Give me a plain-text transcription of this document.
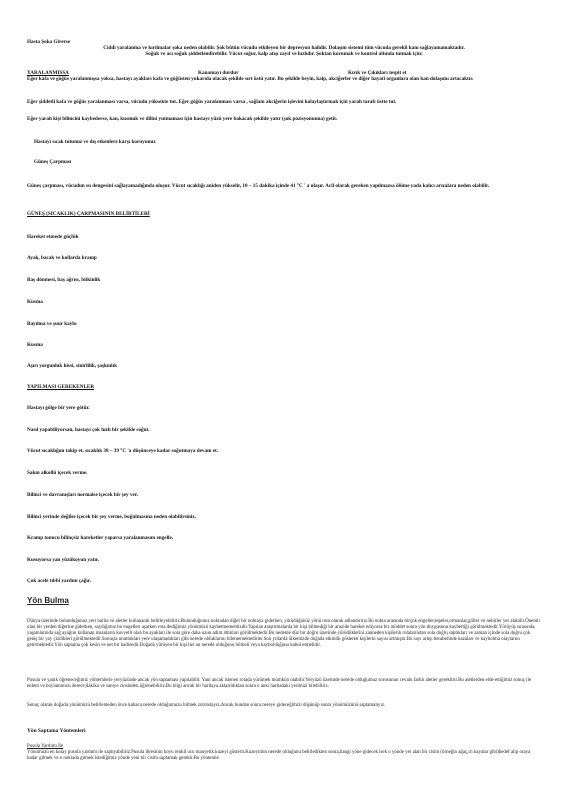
Hasta Şoka Girerse
Ciddi yaralanma ve kırılmalar şoka neden olabilir. Şok bütün vücudu etkileyen bir depresyon halidir. Dolaşım sistemi tüm vücuda gerekli kanı sağlayamamaktadır.
Soğuk ve acı soğuk şiddetlendirebilir. Vücut soğur, kalp atışı zayıf ve hızlıdır. Şoktan korumak ve kontrol altında tutmak için;
YARALANMISSA	Kanamayı durdur	Kırık ve Çıkıkları tespit et
Eğer kafa ve göğüs yaralanmışsa yoksa, hastayı ayakları kafa ve göğüsten yukarıda olacak şekilde sırt üstü yatır. Bu şekilde beyin, kalp, akciğerler ve diğer hayati organlara olan kan dolaşımı artacaktır.
Eğer şiddetli kafa ve göğüs yaralanması varsa, vücudu yüksekte tut. Eğer göğüs yaralanması varsa , sağlam akciğerin işlevini kolaylaştırmak için yarah tarafı üstte tut.
Eğer yarah kişi bilincini kaybederse, kan, kusmuk ve dilini yutmaması için hastayı yüzü yere bakacak şekilde yatır (şok pozisyonunna) getir.
Hastayı sıcak tutunuz ve dış etkenlere karşı koruyunuz
Güneş Çarpması
Güneş çarpması, vücudun ısı dengesini sağlayamadığında oluşur. Vücut sıcaklığı aniden yükselir, 10 – 15 dakika içinde 41 °C ' a ulaşır. Acil olarak gereken yapılmazsa ölüme yada kalıcı arızalara neden olabilir.
GÜNEŞ (SICAKLIK) ÇARPMASININ BELİRTİLERİ
Hareket etmede güçlük
Ayak, bacak ve kollarda kramp
Baş dönmesi, baş ağrısı, bitkinlik
Kusma
Bayılma ve şuur kaybı
Kusma
Aşırı yorgunluk hissi, sinirlilik, şaşkınlık
YAPILMASI GEREKENLER
Hastayı gölge bir yere götür.
Nasıl yapabiliyorsan, hastayı çok hızlı bir şekilde soğut.
Vücut sıcaklığını takip et, sıcaklık 38 – 39 °C 'a düşünceye kadar soğutmaya devam et.
Sakın alkollü içecek verme.
Bilinci ve davranışları normalse içecek bir şey ver.
Bilinci yerinde değilse içecek bir şey verme, boğulmasına neden olabilirsiniz.
Kramp tonucu bilinçsiz hareketler yaparsa yaralanmasını engelle.
Kusuyorsa yan yüzükoyun yatır.
Çok acele tıbbi yardım çağır.
Yön Bulma
Dünya üzerinde bulunduğunuz yeri harita ve aletler kullanarak belirleyebiliriz.Bulunduğunuz noktadan diğer bir noktaya giderken, yürüdüğünüz yönü rota olarak adlandırırız.İki nokta arasında birçok engeller,tepeler,ormanlar,göller ve nehirler yer alabilir.Önemli olan bir yerden diğerine giderken, saydığımız bu engellerı aşarken rota dediğimiz yönümüzü kaybetmememizdir.Yapılan araştırmalarda bir kişi bilmediği bir arazide hareket ediyorsa bir müddet sonra yön duygusunu kaybettiği görülmektedir.Yürüyüş sırasında, yaşamlarında sağ ayağını kullanan insanların kuvvetli olan bu ayakları ile sola göre daha uzun adım attıkları görülmektedir.Bu nedenle düz bir doğru üzerinde yürüdüklerini zanneden kişilerin rotalarından sola doğru saptıkları ve zaman içinde sola doğru çok geniş bir yay çizdikleri görülmektedir.Sonuçta unuttukları yere ulaşamadıkları gibi nerede olduklarını bilememektedirler.Son yıllarda ülkemizde doğada etkinlik gösteren kişilerin sayısı artmıştır.Bu sayı artışı beraberinde kazaları ve kaybolma olaylarını getirmektedir.Yön saptama çok kesin ve net bir hadisedir.Doğada yürüyen bir kişi her an nerede olduğunu bilmeli veya kaybolduğunu kabul etmelidir.
Pusula ve yanık öğreneceğimiz yöntemlerle yeryüzünde ancak yön saptaması yapılabilir. Yani ancak istenen rotada yürümek mümkün olabilir.Yeryüzü üzerinde nerede olduğumuz sorusunun cevabı farklı aletler gerektirir.Bu aletlerden elde ettiğimiz sonuç ile enlem ve boylamımızı derece,dakika ve saniye cinsinden öğrenebiliriz.Bu bilgi ancak bir haritaya aktarıldıktan sonra o anki haritadaki yerimizi bilebiliriz.
Sonuç olarak doğada yönümüzü belirlemeden önce kabaca nerede olduğumuzu bilmek zorundayız.Ancak bundan sonra nereye gideceğimizi düşünüp sonra yönümüzünü saptamalıyız.
Yön Saptama Yöntemleri
Pusula Yardımı İle
Yönümüzü en kolay pusula yardımı ile saptıyabiliriz.Pusula ibresinin koyu renkli ucu manyetik kuzeyi gösterir.Kuzeyimin nerede olduğunu belirledikten sonra,hangi yöne gidecek isek o yönde yer alan bir cisim (örneğin ağaç,ırı kayalar gibi)hedef alıp oraya kadar gitmek ve o noktada gitmek istediğimiz yönde yeni bir cisim saptamak gerekir.Bu yöntemle
